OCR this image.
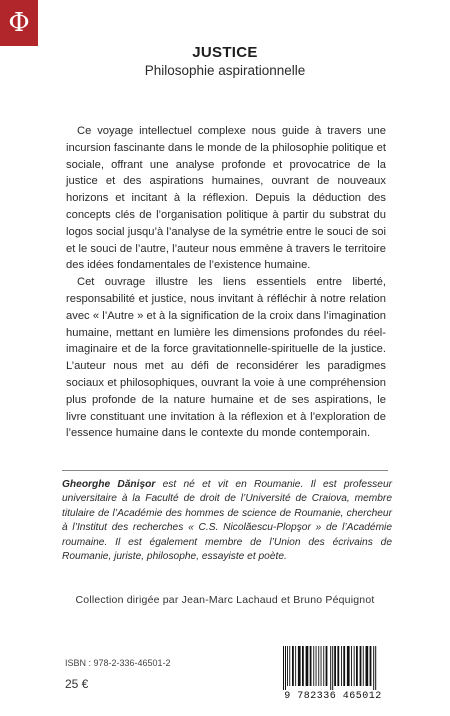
Φ
JUSTICE
Philosophie aspirationnelle

Ce voyage intellectuel complexe nous guide à travers une incursion fascinante dans le monde de la philosophie politique et sociale, offrant une analyse profonde et provocatrice de la justice et des aspirations humaines, ouvrant de nouveaux horizons et incitant à la réflexion. Depuis la déduction des concepts clés de l’organisation politique à partir du substrat du logos social jusqu’à l’analyse de la symétrie entre le souci de soi et le souci de l’autre, l’auteur nous emmène à travers le territoire des idées fondamentales de l’existence humaine.

Cet ouvrage illustre les liens essentiels entre liberté, responsabilité et justice, nous invitant à réfléchir à notre relation avec « l’Autre » et à la signification de la croix dans l’imagination humaine, mettant en lumière les dimensions profondes du réel-imaginaire et de la force gravitationnelle-spirituelle de la justice. L’auteur nous met au défi de reconsidérer les paradigmes sociaux et philosophiques, ouvrant la voie à une compréhension plus profonde de la nature humaine et de ses aspirations, le livre constituant une invitation à la réflexion et à l’exploration de l’essence humaine dans le contexte du monde contemporain.

Gheorghe Dănişor est né et vit en Roumanie. Il est professeur universitaire à la Faculté de droit de l’Université de Craiova, membre titulaire de l’Académie des hommes de science de Roumanie, chercheur à l’Institut des recherches « C.S. Nicolăescu-Plopşor » de l’Académie roumaine. Il est également membre de l’Union des écrivains de Roumanie, juriste, philosophe, essayiste et poète.
Collection dirigée par Jean-Marc Lachaud et Bruno Péquignot
ISBN : 978-2-336-46501-2
25 €
9 782336 465012
